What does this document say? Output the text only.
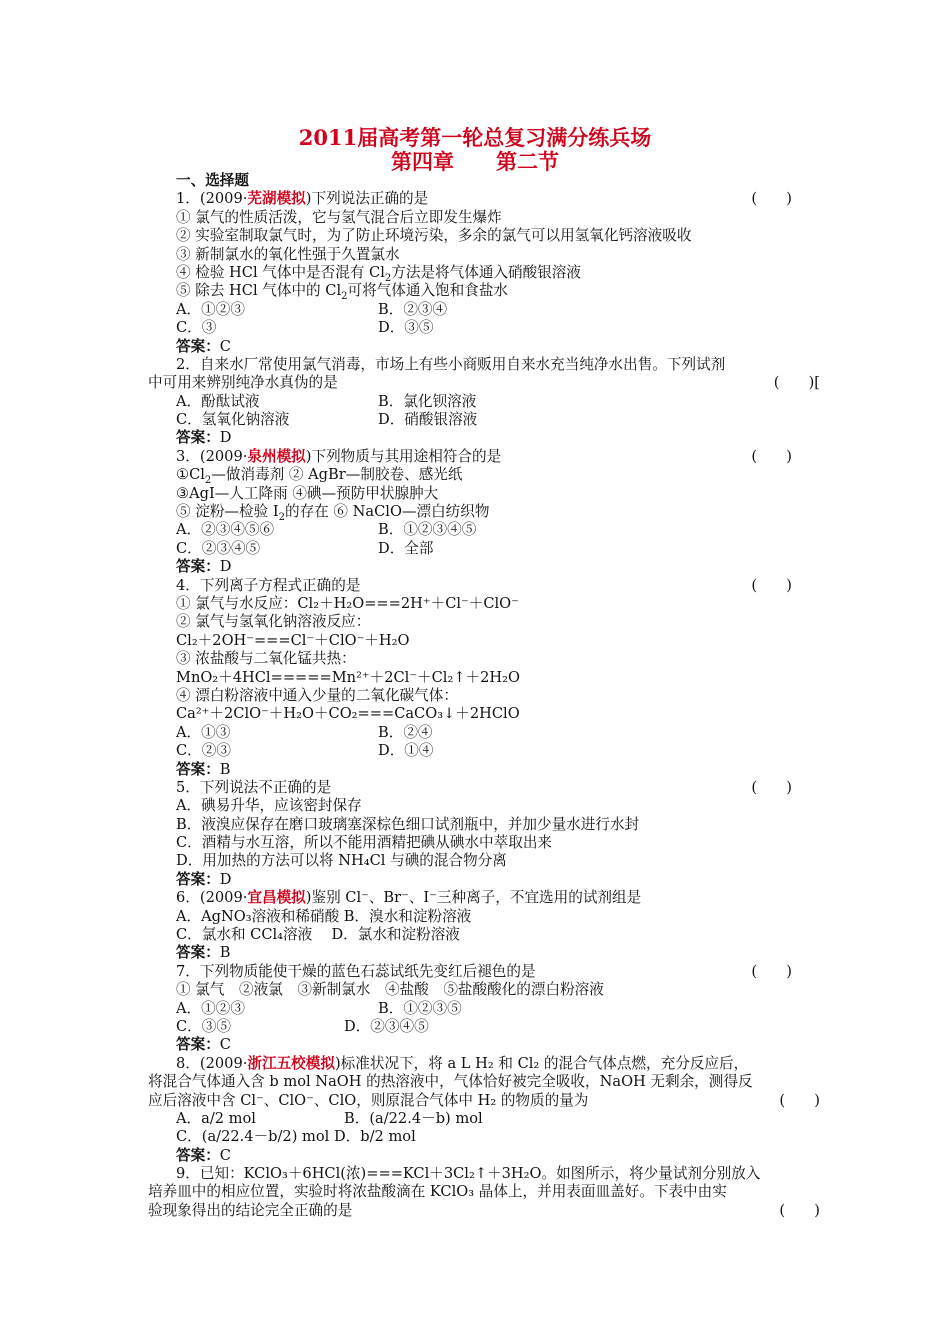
2011届高考第一轮总复习满分练兵场
第四章　　第二节
一、选择题
1．(2009·芜湖模拟)下列说法正确的是	(　　)
① 氯气的性质活泼，它与氢气混合后立即发生爆炸
② 实验室制取氯气时，为了防止环境污染，多余的氯气可以用氢氧化钙溶液吸收
③ 新制氯水的氧化性强于久置氯水
④ 检验 HCl 气体中是否混有 $Cl_2$方法是将气体通入硝酸银溶液
⑤ 除去 HCl 气体中的 $Cl_2$可将气体通入饱和食盐水
A．①②③	B．②③④
C．③	D．③⑤
答案：C
2．自来水厂常使用氯气消毒，市场上有些小商贩用自来水充当纯净水出售。下列试剂
中可用来辨别纯净水真伪的是	(　　)[
A．酚酞试液	B．氯化钡溶液
C．氢氧化钠溶液	D．硝酸银溶液
答案：D
3．(2009·泉州模拟)下列物质与其用途相符合的是	(　　)
$①Cl_2—$做消毒剂 ② AgBr—制胶卷、感光纸
③AgI—人工降雨 ④碘—预防甲状腺肿大
⑤ 淀粉—检验 $I_2$的存在 ⑥ NaClO—漂白纺织物
A．②③④⑤⑥	B．①②③④⑤
C．②③④⑤	D．全部
答案：D
4．下列离子方程式正确的是	(　　)
① 氯气与水反应：Cl₂＋H₂O===2H⁺＋Cl⁻＋ClO⁻
② 氯气与氢氧化钠溶液反应：
Cl₂＋2OH⁻===Cl⁻＋ClO⁻＋H₂O
③ 浓盐酸与二氧化锰共热：
MnO₂＋4HCl=====Mn²⁺＋2Cl⁻＋Cl₂↑＋2H₂O
④ 漂白粉溶液中通入少量的二氧化碳气体：
Ca²⁺＋2ClO⁻＋H₂O＋CO₂===CaCO₃↓＋2HClO
A．①③	B．②④
C．②③	D．①④
答案：B
5．下列说法不正确的是	(　　)
A．碘易升华，应该密封保存
B．液溴应保存在磨口玻璃塞深棕色细口试剂瓶中，并加少量水进行水封
C．酒精与水互溶，所以不能用酒精把碘从碘水中萃取出来
D．用加热的方法可以将 NH₄Cl 与碘的混合物分离
答案：D
6．(2009·宜昌模拟)鉴别 Cl⁻、Br⁻、I⁻三种离子，不宜选用的试剂组是
A．AgNO₃溶液和稀硝酸 B．溴水和淀粉溶液
C．氯水和 CCl₄溶液　 D．氯水和淀粉溶液
答案：B
7．下列物质能使干燥的蓝色石蕊试纸先变红后褪色的是	(　　)
① 氯气　②液氯　③新制氯水　④盐酸　⑤盐酸酸化的漂白粉溶液
A．①②③	B．①②③⑤
C．③⑤	D．②③④⑤
答案：C
8．(2009·浙江五校模拟)标准状况下，将 a L H₂ 和 Cl₂ 的混合气体点燃，充分反应后，
将混合气体通入含 b mol NaOH 的热溶液中，气体恰好被完全吸收，NaOH 无剩余，测得反
应后溶液中含 Cl⁻、ClO⁻、ClO，则原混合气体中 H₂ 的物质的量为	(　　)
A．a/2 mol	B．(a/22.4－b) mol
C．(a/22.4－b/2) mol D．b/2 mol
答案：C
9．已知：KClO₃＋6HCl(浓)===KCl＋3Cl₂↑＋3H₂O。如图所示，将少量试剂分别放入
培养皿中的相应位置，实验时将浓盐酸滴在 KClO₃ 晶体上，并用表面皿盖好。下表中由实
验现象得出的结论完全正确的是	(　　)
